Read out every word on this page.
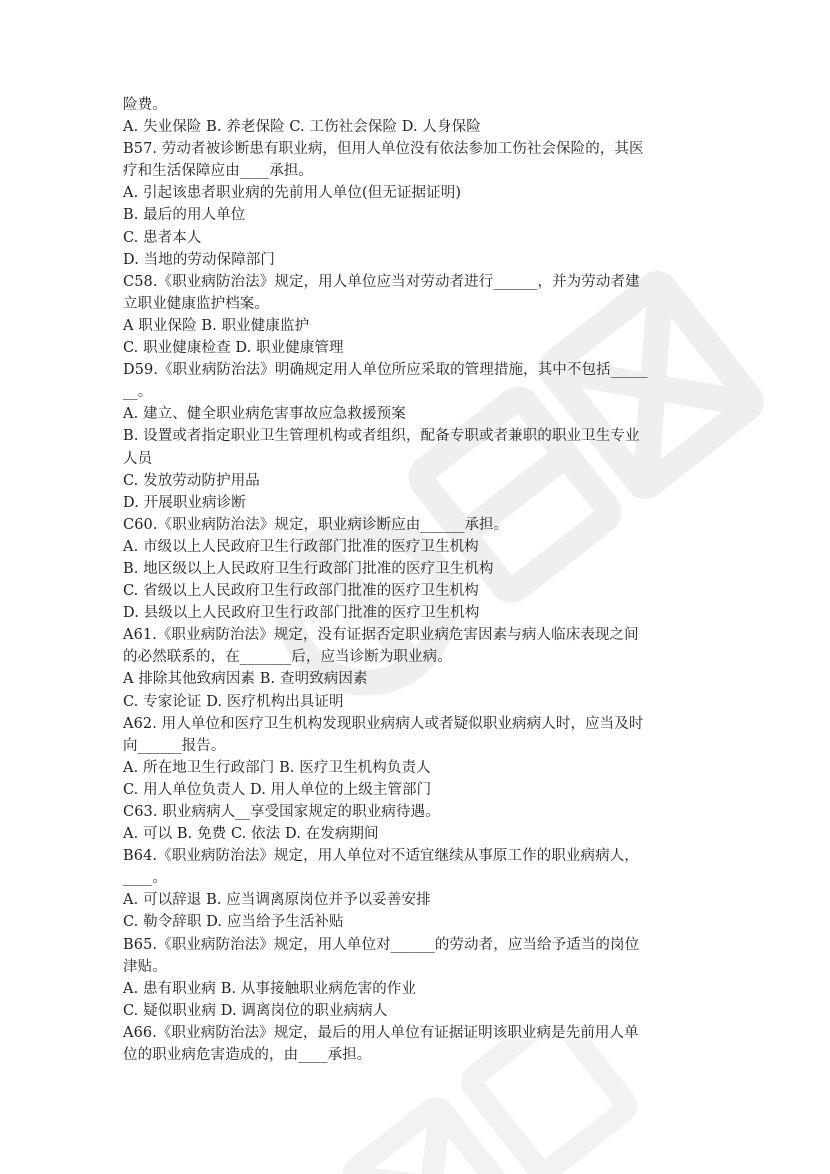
险费。

A. 失业保险 B. 养老保险 C. 工伤社会保险 D. 人身保险

B57. 劳动者被诊断患有职业病，但用人单位没有依法参加工伤社会保险的，其医

疗和生活保障应由____承担。

A. 引起该患者职业病的先前用人单位(但无证据证明)

B. 最后的用人单位

C. 患者本人

D. 当地的劳动保障部门

C58.《职业病防治法》规定，用人单位应当对劳动者进行______，并为劳动者建

立职业健康监护档案。

A 职业保险 B. 职业健康监护

C. 职业健康检查 D. 职业健康管理

D59.《职业病防治法》明确规定用人单位所应采取的管理措施，其中不包括_____

__。

A. 建立、健全职业病危害事故应急救援预案

B. 设置或者指定职业卫生管理机构或者组织，配备专职或者兼职的职业卫生专业

人员

C. 发放劳动防护用品

D. 开展职业病诊断

C60.《职业病防治法》规定，职业病诊断应由______承担。

A. 市级以上人民政府卫生行政部门批准的医疗卫生机构

B. 地区级以上人民政府卫生行政部门批准的医疗卫生机构

C. 省级以上人民政府卫生行政部门批准的医疗卫生机构

D. 县级以上人民政府卫生行政部门批准的医疗卫生机构

A61.《职业病防治法》规定，没有证据否定职业病危害因素与病人临床表现之间

的必然联系的，在_______后，应当诊断为职业病。

A 排除其他致病因素 B. 查明致病因素

C. 专家论证 D. 医疗机构出具证明

A62. 用人单位和医疗卫生机构发现职业病病人或者疑似职业病病人时，应当及时

向______报告。

A. 所在地卫生行政部门 B. 医疗卫生机构负责人

C. 用人单位负责人 D. 用人单位的上级主管部门

C63. 职业病病人__享受国家规定的职业病待遇。

A. 可以 B. 免费 C. 依法 D. 在发病期间

B64.《职业病防治法》规定，用人单位对不适宜继续从事原工作的职业病病人，

____。

A. 可以辞退 B. 应当调离原岗位并予以妥善安排

C. 勒令辞职 D. 应当给予生活补贴

B65.《职业病防治法》规定，用人单位对______的劳动者，应当给予适当的岗位

津贴。

A. 患有职业病 B. 从事接触职业病危害的作业

C. 疑似职业病 D. 调离岗位的职业病病人

A66.《职业病防治法》规定，最后的用人单位有证据证明该职业病是先前用人单

位的职业病危害造成的，由____承担。
